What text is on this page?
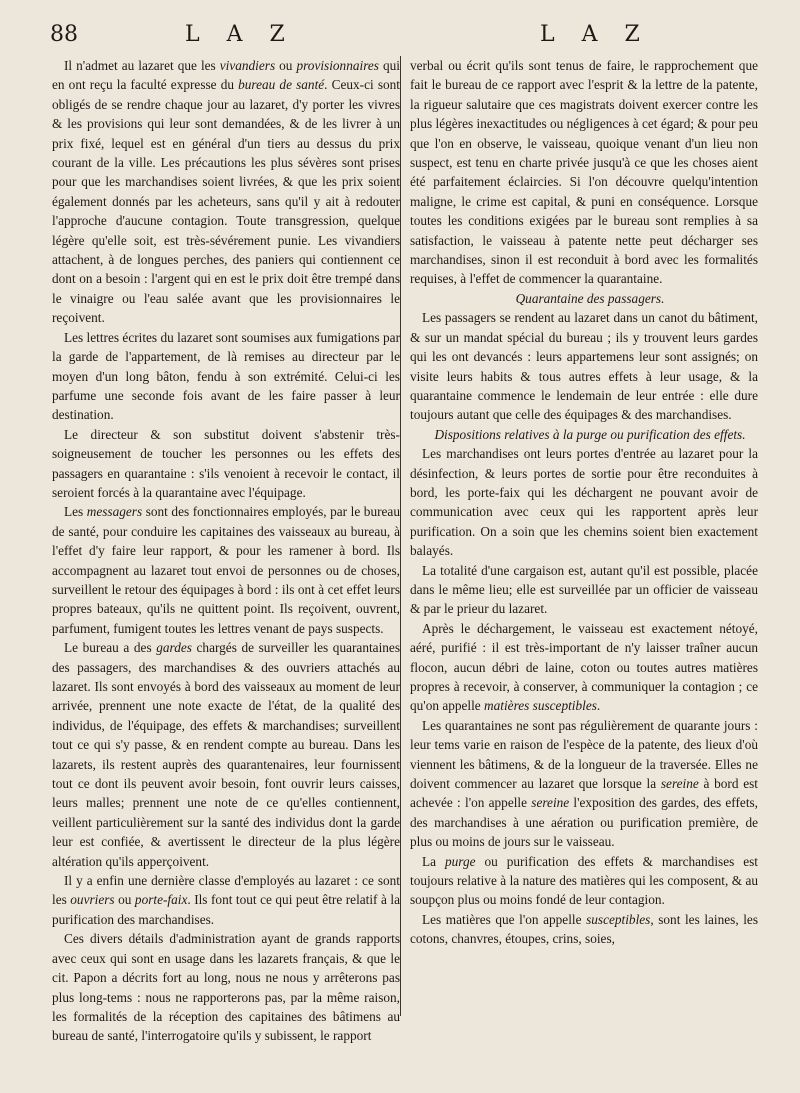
88	L A Z	L A Z

Il n'admet au lazaret que les vivandiers ou provisionnaires qui en ont reçu la faculté expresse du bureau de santé. Ceux-ci sont obligés de se rendre chaque jour au lazaret, d'y porter les vivres & les provisions qui leur sont demandées, & de les livrer à un prix fixé, lequel est en général d'un tiers au dessus du prix courant de la ville. Les précautions les plus sévères sont prises pour que les marchandises soient livrées, & que les prix soient également donnés par les acheteurs, sans qu'il y ait à redouter l'approche d'aucune contagion. Toute transgression, quelque légère qu'elle soit, est très-sévérement punie. Les vivandiers attachent, à de longues perches, des paniers qui contiennent ce dont on a besoin : l'argent qui en est le prix doit être trempé dans le vinaigre ou l'eau salée avant que les provisionnaires le reçoivent.

Les lettres écrites du lazaret sont soumises aux fumigations par la garde de l'appartement, de là remises au directeur par le moyen d'un long bâton, fendu à son extrémité. Celui-ci les parfume une seconde fois avant de les faire passer à leur destination.

Le directeur & son substitut doivent s'abstenir très-soigneusement de toucher les personnes ou les effets des passagers en quarantaine : s'ils venoient à recevoir le contact, il seroient forcés à la quarantaine avec l'équipage.

Les messagers sont des fonctionnaires employés, par le bureau de santé, pour conduire les capitaines des vaisseaux au bureau, à l'effet d'y faire leur rapport, & pour les ramener à bord. Ils accompagnent au lazaret tout envoi de personnes ou de choses, surveillent le retour des équipages à bord : ils ont à cet effet leurs propres bateaux, qu'ils ne quittent point. Ils reçoivent, ouvrent, parfument, fumigent toutes les lettres venant de pays suspects.

Le bureau a des gardes chargés de surveiller les quarantaines des passagers, des marchandises & des ouvriers attachés au lazaret. Ils sont envoyés à bord des vaisseaux au moment de leur arrivée, prennent une note exacte de l'état, de la qualité des individus, de l'équipage, des effets & marchandises; surveillent tout ce qui s'y passe, & en rendent compte au bureau. Dans les lazarets, ils restent auprès des quarantenaires, leur fournissent tout ce dont ils peuvent avoir besoin, font ouvrir leurs caisses, leurs malles; prennent une note de ce qu'elles contiennent, veillent particulièrement sur la santé des individus dont la garde leur est confiée, & avertissent le directeur de la plus légère altération qu'ils apperçoivent.

Il y a enfin une dernière classe d'employés au lazaret : ce sont les ouvriers ou porte-faix. Ils font tout ce qui peut être relatif à la purification des marchandises.

Ces divers détails d'administration ayant de grands rapports avec ceux qui sont en usage dans les lazarets français, & que le cit. Papon a décrits fort au long, nous ne nous y arrêterons pas plus long-tems : nous ne rapporterons pas, par la même raison, les formalités de la réception des capitaines des bâtimens au bureau de santé, l'interrogatoire qu'ils y subissent, le rapport

verbal ou écrit qu'ils sont tenus de faire, le rapprochement que fait le bureau de ce rapport avec l'esprit & la lettre de la patente, la rigueur salutaire que ces magistrats doivent exercer contre les plus légères inexactitudes ou négligences à cet égard; & pour peu que l'on en observe, le vaisseau, quoique venant d'un lieu non suspect, est tenu en charte privée jusqu'à ce que les choses aient été parfaitement éclaircies. Si l'on découvre quelqu'intention maligne, le crime est capital, & puni en conséquence. Lorsque toutes les conditions exigées par le bureau sont remplies à sa satisfaction, le vaisseau à patente nette peut décharger ses marchandises, sinon il est reconduit à bord avec les formalités requises, à l'effet de commencer la quarantaine.

Quarantaine des passagers.

Les passagers se rendent au lazaret dans un canot du bâtiment, & sur un mandat spécial du bureau ; ils y trouvent leurs gardes qui les ont devancés : leurs appartemens leur sont assignés; on visite leurs habits & tous autres effets à leur usage, & la quarantaine commence le lendemain de leur entrée : elle dure toujours autant que celle des équipages & des marchandises.

Dispositions relatives à la purge ou purification des effets.

Les marchandises ont leurs portes d'entrée au lazaret pour la désinfection, & leurs portes de sortie pour être reconduites à bord, les porte-faix qui les déchargent ne pouvant avoir de communication avec ceux qui les rapportent après leur purification. On a soin que les chemins soient bien exactement balayés.

La totalité d'une cargaison est, autant qu'il est possible, placée dans le même lieu; elle est surveillée par un officier de vaisseau & par le prieur du lazaret.

Après le déchargement, le vaisseau est exactement nétoyé, aéré, purifié : il est très-important de n'y laisser traîner aucun flocon, aucun débri de laine, coton ou toutes autres matières propres à recevoir, à conserver, à communiquer la contagion ; ce qu'on appelle matières susceptibles.

Les quarantaines ne sont pas régulièrement de quarante jours : leur tems varie en raison de l'espèce de la patente, des lieux d'où viennent les bâtimens, & de la longueur de la traversée. Elles ne doivent commencer au lazaret que lorsque la sereine à bord est achevée : l'on appelle sereine l'exposition des gardes, des effets, des marchandises à une aération ou purification première, de plus ou moins de jours sur le vaisseau.

La purge ou purification des effets & marchandises est toujours relative à la nature des matières qui les composent, & au soupçon plus ou moins fondé de leur contagion.

Les matières que l'on appelle susceptibles, sont les laines, les cotons, chanvres, étoupes, crins, soies,
